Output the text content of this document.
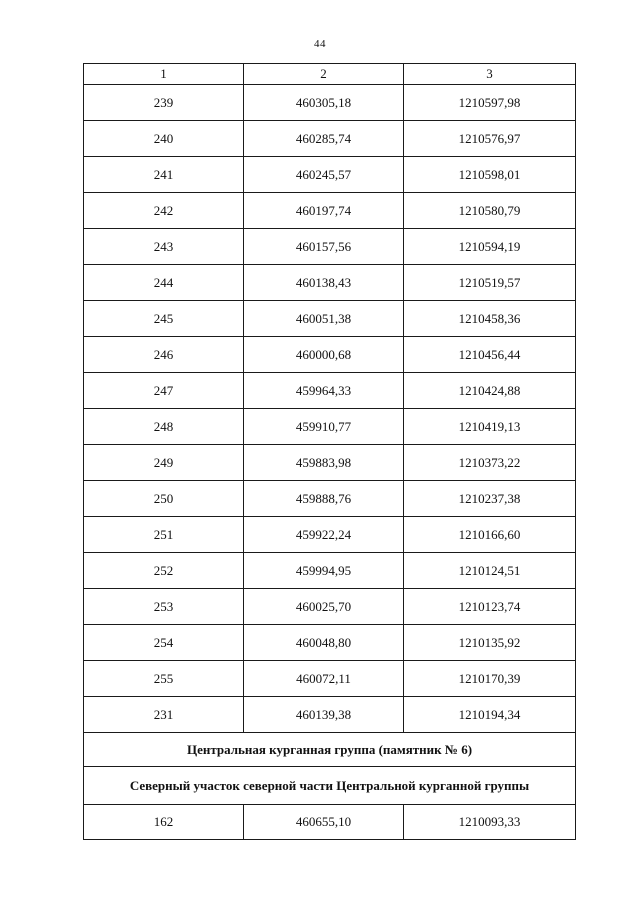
44
1	2	3
239	460305,18	1210597,98
240	460285,74	1210576,97
241	460245,57	1210598,01
242	460197,74	1210580,79
243	460157,56	1210594,19
244	460138,43	1210519,57
245	460051,38	1210458,36
246	460000,68	1210456,44
247	459964,33	1210424,88
248	459910,77	1210419,13
249	459883,98	1210373,22
250	459888,76	1210237,38
251	459922,24	1210166,60
252	459994,95	1210124,51
253	460025,70	1210123,74
254	460048,80	1210135,92
255	460072,11	1210170,39
231	460139,38	1210194,34
Центральная курганная группа (памятник № 6)		
Северный участок северной части Центральной курганной группы		
162	460655,10	1210093,33
